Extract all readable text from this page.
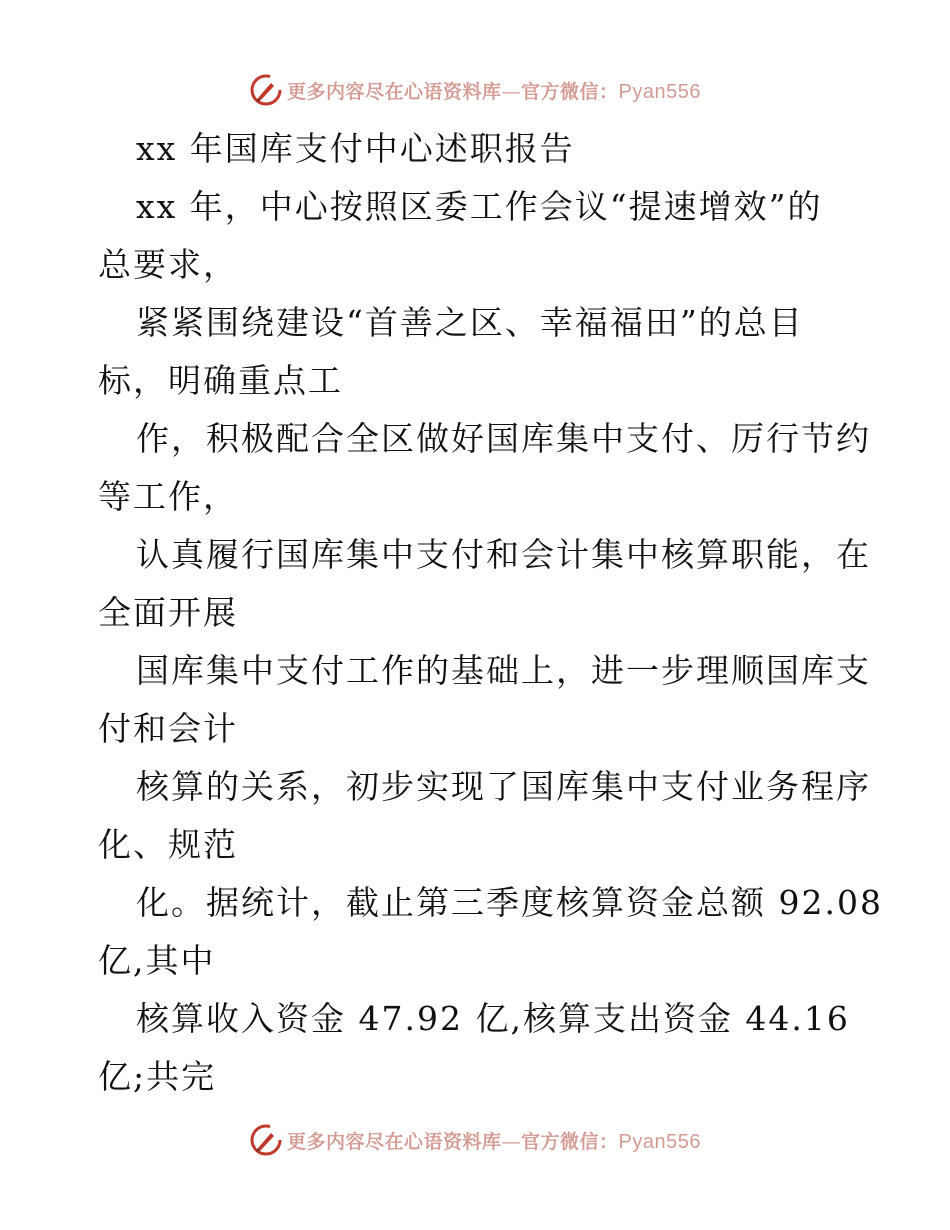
更多内容尽在心语资料库—官方微信：Pyan556
xx 年国库支付中心述职报告
xx 年，中心按照区委工作会议“提速增效”的
总要求，
紧紧围绕建设“首善之区、幸福福田”的总目
标，明确重点工
作，积极配合全区做好国库集中支付、厉行节约
等工作，
认真履行国库集中支付和会计集中核算职能，在
全面开展
国库集中支付工作的基础上，进一步理顺国库支
付和会计
核算的关系，初步实现了国库集中支付业务程序
化、规范
化。据统计，截止第三季度核算资金总额 92.08
亿,其中
核算收入资金 47.92 亿,核算支出资金 44.16
亿;共完
更多内容尽在心语资料库—官方微信：Pyan556
